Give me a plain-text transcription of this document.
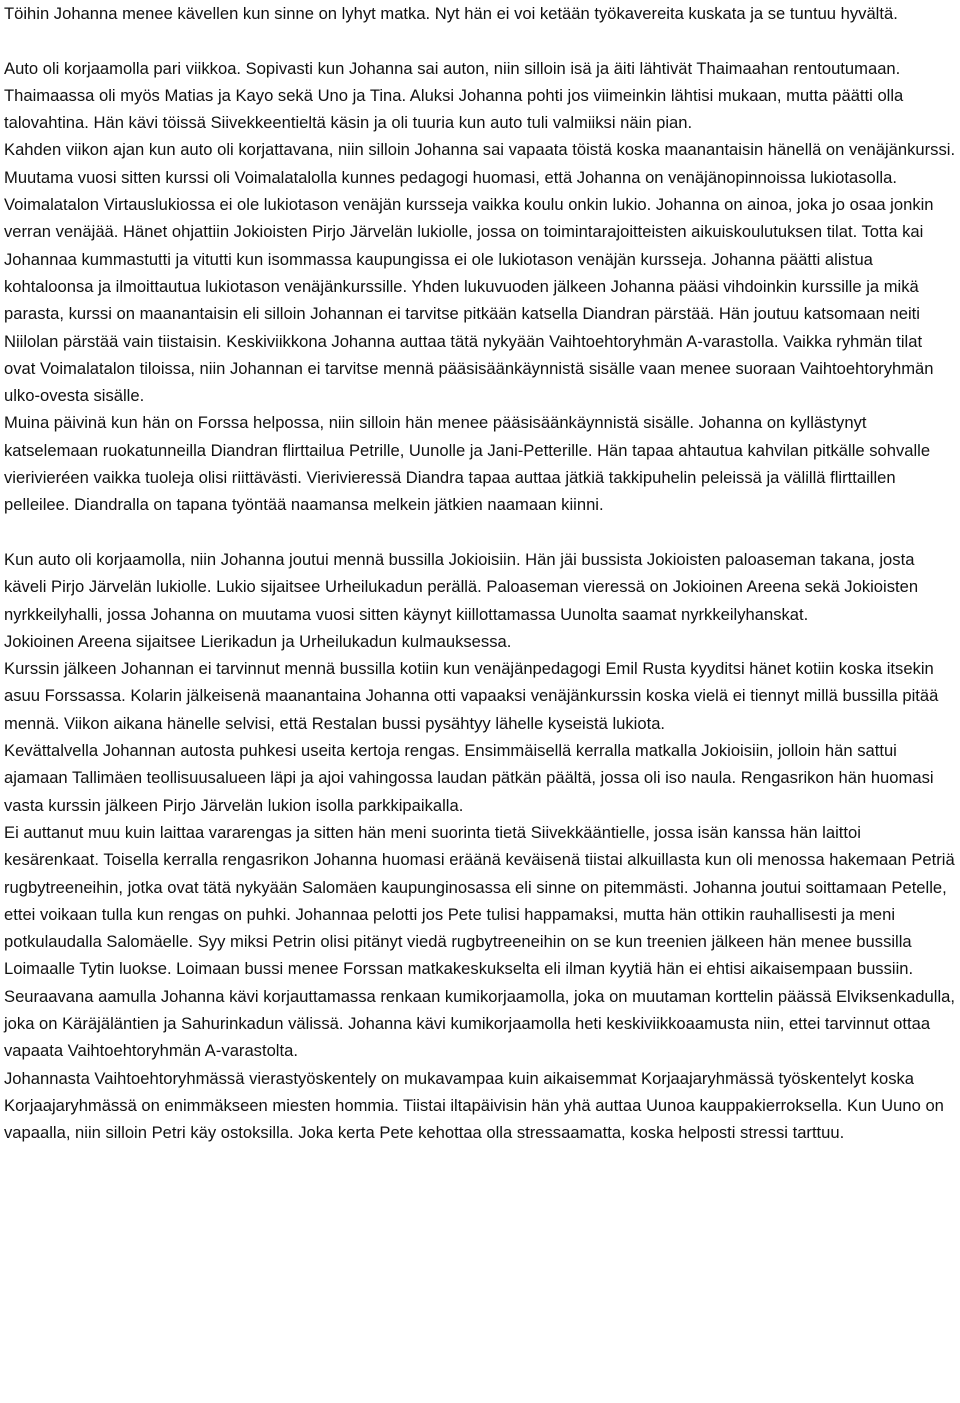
Töihin Johanna menee kävellen kun sinne on lyhyt matka. Nyt hän ei voi ketään työkavereita kuskata ja se tuntuu hyvältä.

Auto oli korjaamolla pari viikkoa. Sopivasti kun Johanna sai auton, niin silloin isä ja äiti lähtivät Thaimaahan rentoutumaan. Thaimaassa oli myös Matias ja Kayo sekä Uno ja Tina. Aluksi Johanna pohti jos viimeinkin lähtisi mukaan, mutta päätti olla talovahtina. Hän kävi töissä Siivekkeentieltä käsin ja oli tuuria kun auto tuli valmiiksi näin pian.

Kahden viikon ajan kun auto oli korjattavana, niin silloin Johanna sai vapaata töistä koska maanantaisin hänellä on venäjänkurssi. Muutama vuosi sitten kurssi oli Voimalatalolla kunnes pedagogi huomasi, että Johanna on venäjänopinnoissa lukiotasolla. Voimalatalon Virtauslukiossa ei ole lukiotason venäjän kursseja vaikka koulu onkin lukio. Johanna on ainoa, joka jo osaa jonkin verran venäjää. Hänet ohjattiin Jokioisten Pirjo Järvelän lukiolle, jossa on toimintarajoitteisten aikuiskoulutuksen tilat. Totta kai Johannaa kummastutti ja vitutti kun isommassa kaupungissa ei ole lukiotason venäjän kursseja. Johanna päätti alistua kohtaloonsa ja ilmoittautua lukiotason venäjänkurssille. Yhden lukuvuoden jälkeen Johanna pääsi vihdoinkin kurssille ja mikä parasta, kurssi on maanantaisin eli silloin Johannan ei tarvitse pitkään katsella Diandran pärstää. Hän joutuu katsomaan neiti Niilolan pärstää vain tiistaisin. Keskiviikkona Johanna auttaa tätä nykyään Vaihtoehtoryhmän A-varastolla. Vaikka ryhmän tilat ovat Voimalatalon tiloissa, niin Johannan ei tarvitse mennä pääsisäänkäynnistä sisälle vaan menee suoraan Vaihtoehtoryhmän ulko-ovesta sisälle.

Muina päivinä kun hän on Forssa helpossa, niin silloin hän menee pääsisäänkäynnistä sisälle. Johanna on kyllästynyt katselemaan ruokatunneilla Diandran flirttailua Petrille, Uunolle ja Jani-Petterille. Hän tapaa ahtautua kahvilan pitkälle sohvalle vierivieréen vaikka tuoleja olisi riittävästi. Vierivieressä Diandra tapaa auttaa jätkiä takkipuhelin peleissä ja välillä flirttaillen pelleilee. Diandralla on tapana työntää naamansa melkein jätkien naamaan kiinni.

Kun auto oli korjaamolla, niin Johanna joutui mennä bussilla Jokioisiin. Hän jäi bussista Jokioisten paloaseman takana, josta käveli Pirjo Järvelän lukiolle. Lukio sijaitsee Urheilukadun perällä. Paloaseman vieressä on Jokioinen Areena sekä Jokioisten nyrkkeilyhalli, jossa Johanna on muutama vuosi sitten käynyt kiillottamassa Uunolta saamat nyrkkeilyhanskat.

Jokioinen Areena sijaitsee Lierikadun ja Urheilukadun kulmauksessa.

Kurssin jälkeen Johannan ei tarvinnut mennä bussilla kotiin kun venäjänpedagogi Emil Rusta kyyditsi hänet kotiin koska itsekin asuu Forssassa. Kolarin jälkeisenä maanantaina Johanna otti vapaaksi venäjänkurssin koska vielä ei tiennyt millä bussilla pitää mennä. Viikon aikana hänelle selvisi, että Restalan bussi pysähtyy lähelle kyseistä lukiota.

Kevättalvella Johannan autosta puhkesi useita kertoja rengas. Ensimmäisellä kerralla matkalla Jokioisiin, jolloin hän sattui ajamaan Tallimäen teollisuusalueen läpi ja ajoi vahingossa laudan pätkän päältä, jossa oli iso naula. Rengasrikon hän huomasi vasta kurssin jälkeen Pirjo Järvelän lukion isolla parkkipaikalla.

Ei auttanut muu kuin laittaa vararengas ja sitten hän meni suorinta tietä Siivekkääntielle, jossa isän kanssa hän laittoi kesärenkaat. Toisella kerralla rengasrikon Johanna huomasi eräänä keväisenä tiistai alkuillasta kun oli menossa hakemaan Petriä rugbytreeneihin, jotka ovat tätä nykyään Salomäen kaupunginosassa eli sinne on pitemmästi. Johanna joutui soittamaan Petelle, ettei voikaan tulla kun rengas on puhki. Johannaa pelotti jos Pete tulisi happamaksi, mutta hän ottikin rauhallisesti ja meni potkulaudalla Salomäelle. Syy miksi Petrin olisi pitänyt viedä rugbytreeneihin on se kun treenien jälkeen hän menee bussilla Loimaalle Tytin luokse. Loimaan bussi menee Forssan matkakeskukselta eli ilman kyytiä hän ei ehtisi aikaisempaan bussiin.

Seuraavana aamulla Johanna kävi korjauttamassa renkaan kumikorjaamolla, joka on muutaman korttelin päässä Elviksenkadulla, joka on Käräjäläntien ja Sahurinkadun välissä. Johanna kävi kumikorjaamolla heti keskiviikkoaamusta niin, ettei tarvinnut ottaa vapaata Vaihtoehtoryhmän A-varastolta.

Johannasta Vaihtoehtoryhmässä vierastyöskentely on mukavampaa kuin aikaisemmat Korjaajaryhmässä työskentelyt koska Korjaajaryhmässä on enimmäkseen miesten hommia. Tiistai iltapäivisin hän yhä auttaa Uunoa kauppakierroksella. Kun Uuno on vapaalla, niin silloin Petri käy ostoksilla. Joka kerta Pete kehottaa olla stressaamatta, koska helposti stressi tarttuu.
